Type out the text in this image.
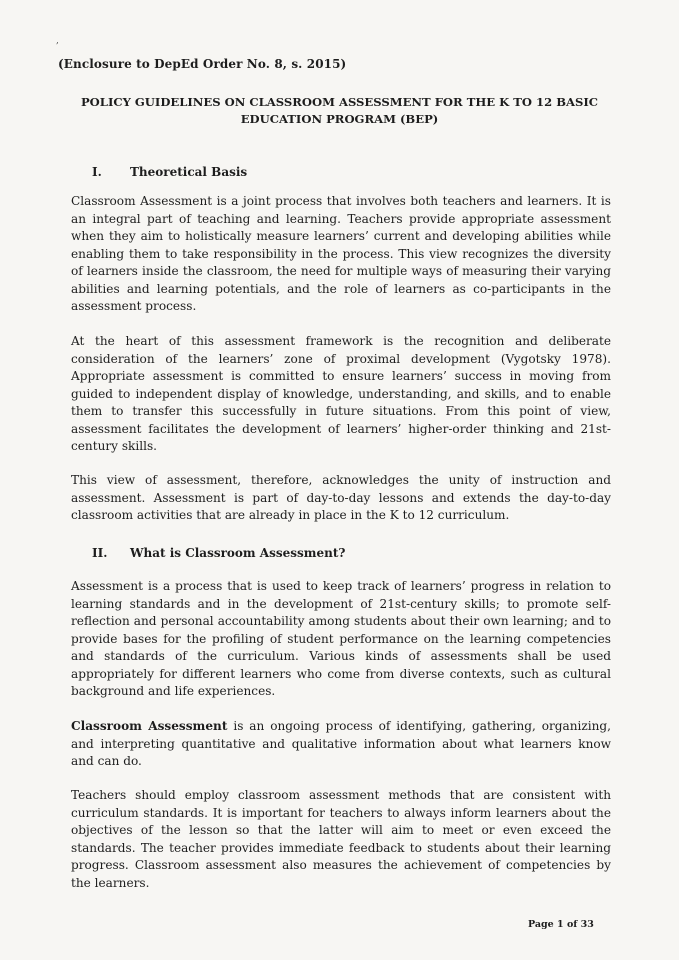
,
(Enclosure to DepEd Order No. 8, s. 2015)
POLICY GUIDELINES ON CLASSROOM ASSESSMENT FOR THE K TO 12 BASIC
EDUCATION PROGRAM (BEP)
I. Theoretical Basis
Classroom Assessment is a joint process that involves both teachers and learners. It is an integral part of teaching and learning. Teachers provide appropriate assessment when they aim to holistically measure learners’ current and developing abilities while enabling them to take responsibility in the process. This view recognizes the diversity of learners inside the classroom, the need for multiple ways of measuring their varying abilities and learning potentials, and the role of learners as co-participants in the assessment process.
At the heart of this assessment framework is the recognition and deliberate consideration of the learners’ zone of proximal development (Vygotsky 1978). Appropriate assessment is committed to ensure learners’ success in moving from guided to independent display of knowledge, understanding, and skills, and to enable them to transfer this successfully in future situations. From this point of view, assessment facilitates the development of learners’ higher-order thinking and 21st-century skills.
This view of assessment, therefore, acknowledges the unity of instruction and assessment. Assessment is part of day-to-day lessons and extends the day-to-day classroom activities that are already in place in the K to 12 curriculum.
II. What is Classroom Assessment?
Assessment is a process that is used to keep track of learners’ progress in relation to learning standards and in the development of 21st-century skills; to promote self-reflection and personal accountability among students about their own learning; and to provide bases for the profiling of student performance on the learning competencies and standards of the curriculum. Various kinds of assessments shall be used appropriately for different learners who come from diverse contexts, such as cultural background and life experiences.
Classroom Assessment is an ongoing process of identifying, gathering, organizing, and interpreting quantitative and qualitative information about what learners know and can do.
Teachers should employ classroom assessment methods that are consistent with curriculum standards. It is important for teachers to always inform learners about the objectives of the lesson so that the latter will aim to meet or even exceed the standards. The teacher provides immediate feedback to students about their learning progress. Classroom assessment also measures the achievement of competencies by the learners.
Page 1 of 33
